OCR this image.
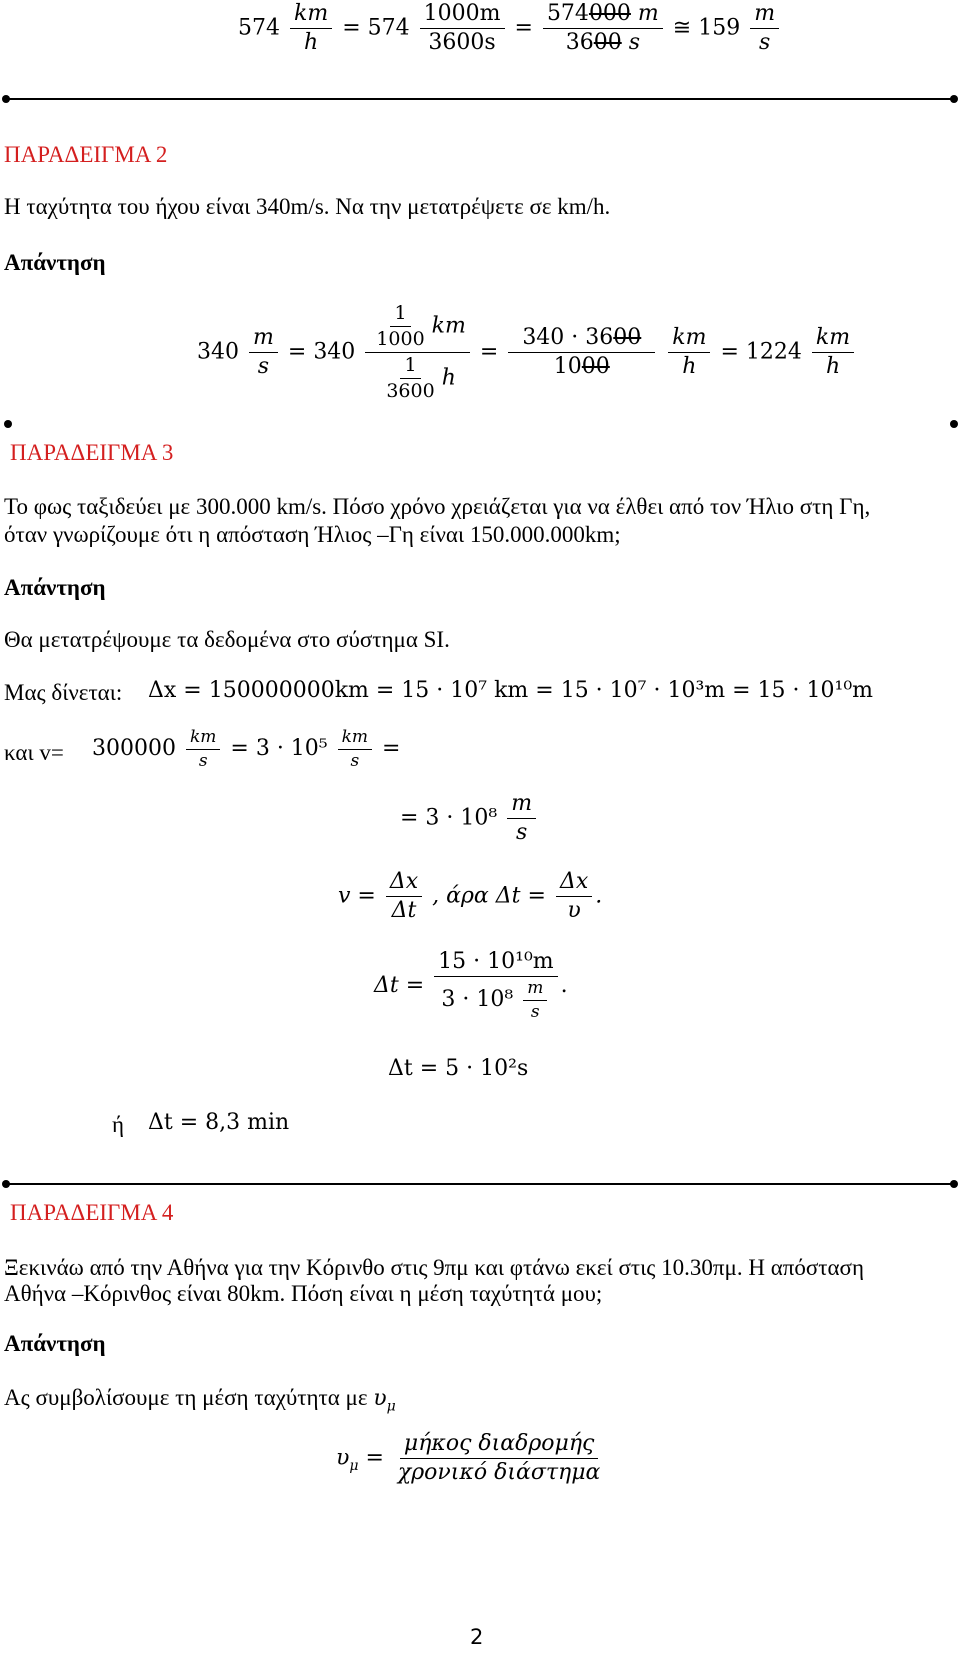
$574 \frac{km}{h} = 574 \frac{1000m}{3600s} = \frac{574000 m}{3600 s}$ ≅ $159 \frac{m}{s}$
ΠΑΡΑΔΕΙΓΜΑ 2
Η ταχύτητα του ήχου είναι 340m/s. Να την μετατρέψετε σε km/h.
Απάντηση
$340 \frac{m}{s} = 340 \frac{\frac{1}{1000} km}{\frac{1}{3600} h} = \frac{340 \cdot 3600}{1000}$
$\frac{km}{h} = 1224 \frac{km}{h}$
ΠΑΡΑΔΕΙΓΜΑ 3
Το φως ταξιδεύει με 300.000 km/s. Πόσο χρόνο χρειάζεται για να έλθει από τον Ήλιο στη Γη,
όταν γνωρίζουμε ότι η απόσταση Ήλιος –Γη είναι 150.000.000km;
Απάντηση
Θα μετατρέψουμε τα δεδομένα στο σύστημα SI.
Μας δίνεται: Δx = 150000000km = 15 · 10⁷ km = 15 · 10⁷ · 10³m = 15 · 10¹⁰m
και $v= 300000 \frac{km}{s} = 3 \cdot 10^5 \frac{km}{s}$ =
= $3 \cdot 10^8 \frac{m}{s}$
$v = \frac{\Delta x}{\Delta t}$ , άρα $\Delta t = \frac{\Delta x}{\upsilon}$ .
$\Delta t = \frac{\text{15 · 10¹⁰m}}{3 \cdot 10^8 \frac{m}{s}}$ .
Δt = 5 · 10²s
ή Δt = 8,3 min
ΠΑΡΑΔΕΙΓΜΑ 4
Ξεκινάω από την Αθήνα για την Κόρινθο στις 9πμ και φτάνω εκεί στις 10.30πμ. Η απόσταση
Αθήνα –Κόρινθος είναι 80km. Πόση είναι η μέση ταχύτητά μου;
Απάντηση
Ας συμβολίσουμε τη μέση ταχύτητα με $\upsilon_\mu$
$\upsilon_\mu = \frac{\text{μήκος διαδρομής}}{\text{χρονικό διάστημα}}$
2
